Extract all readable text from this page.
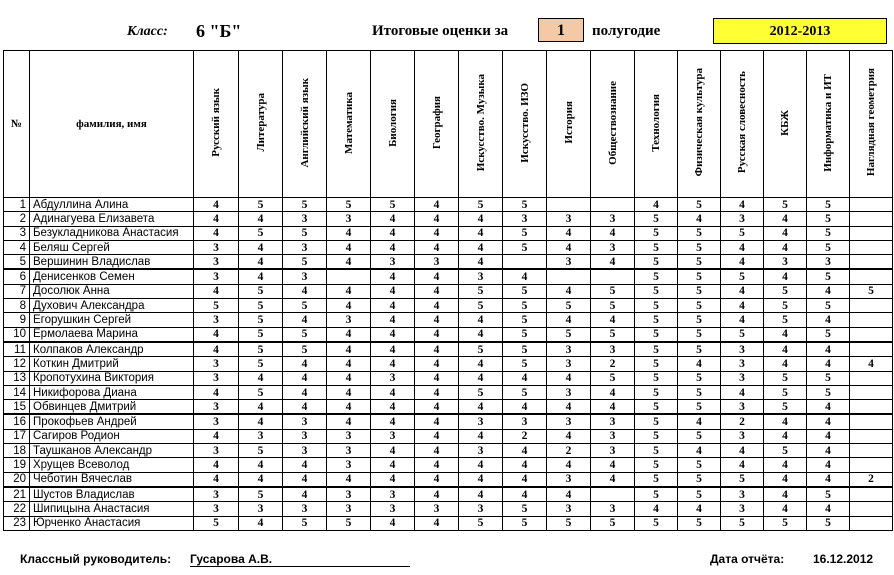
Класс: 6 "Б"	Итоговые оценки за	1	полугодие	2012-2013
№	фамилия, имя	Русский язык	Литература	Английский язык	Математика	Биология	География	Искусство. Музыка	Искусство. ИЗО	История	Обществознание	Технология	Физическая культура	Русская словесность	КБЖ	Информатика и ИТ	Наглядная геометрия
1	Абдуллина Алина	4	5	5	5	5	4	5	5			4	5	4	5	5	
2	Адинагуева Елизавета	4	4	3	3	4	4	4	3	3	3	5	4	3	4	5	
3	Безукладникова Анастасия	4	5	5	4	4	4	4	5	4	4	5	5	5	4	5	
4	Беляш Сергей	3	4	3	4	4	4	4	5	4	3	5	5	4	4	5	
5	Вершинин Владислав	3	4	5	4	3	3	4		3	4	5	5	4	3	3	
6	Денисенков Семен	3	4	3		4	4	3	4			5	5	5	4	5	
7	Досолюк Анна	4	5	4	4	4	4	5	5	4	5	5	5	4	5	4	5
8	Духович Александра	5	5	5	4	4	4	5	5	5	5	5	5	4	5	5	
9	Егорушкин Сергей	3	5	4	3	4	4	4	5	4	4	5	5	4	5	4	
10	Ермолаева Марина	4	5	5	4	4	4	4	5	5	5	5	5	5	4	5	
11	Колпаков Александр	4	5	5	4	4	4	5	5	3	3	5	5	3	4	4	
12	Коткин Дмитрий	3	5	4	4	4	4	4	5	3	2	5	4	3	4	4	4
13	Кропотухина Виктория	3	4	4	4	3	4	4	4	4	5	5	5	3	5	5	
14	Никифорова Диана	4	5	4	4	4	4	5	5	3	4	5	5	4	5	5	
15	Обвинцев Дмитрий	3	4	4	4	4	4	4	4	4	4	5	5	3	5	4	
16	Прокофьев Андрей	3	4	3	4	4	4	3	3	3	3	5	4	2	4	4	
17	Сагиров Родион	4	3	3	3	3	4	4	2	4	3	5	5	3	4	4	
18	Таушканов Александр	3	5	3	3	4	4	3	4	2	3	5	4	4	5	4	
19	Хрущев Всеволод	4	4	4	3	4	4	4	4	4	4	5	5	4	4	4	
20	Чеботин Вячеслав	4	4	4	4	4	4	4	4	3	4	5	5	5	4	4	2
21	Шустов Владислав	3	5	4	3	3	4	4	4	4		5	5	3	4	5	
22	Шипицына Анастасия	3	3	3	3	3	3	3	5	3	3	4	4	3	4	4	
23	Юрченко Анастасия	5	4	5	5	4	4	5	5	5	5	5	5	5	5	5	
Классный руководитель: Гусарова А.В.	Дата отчёта: 16.12.2012
